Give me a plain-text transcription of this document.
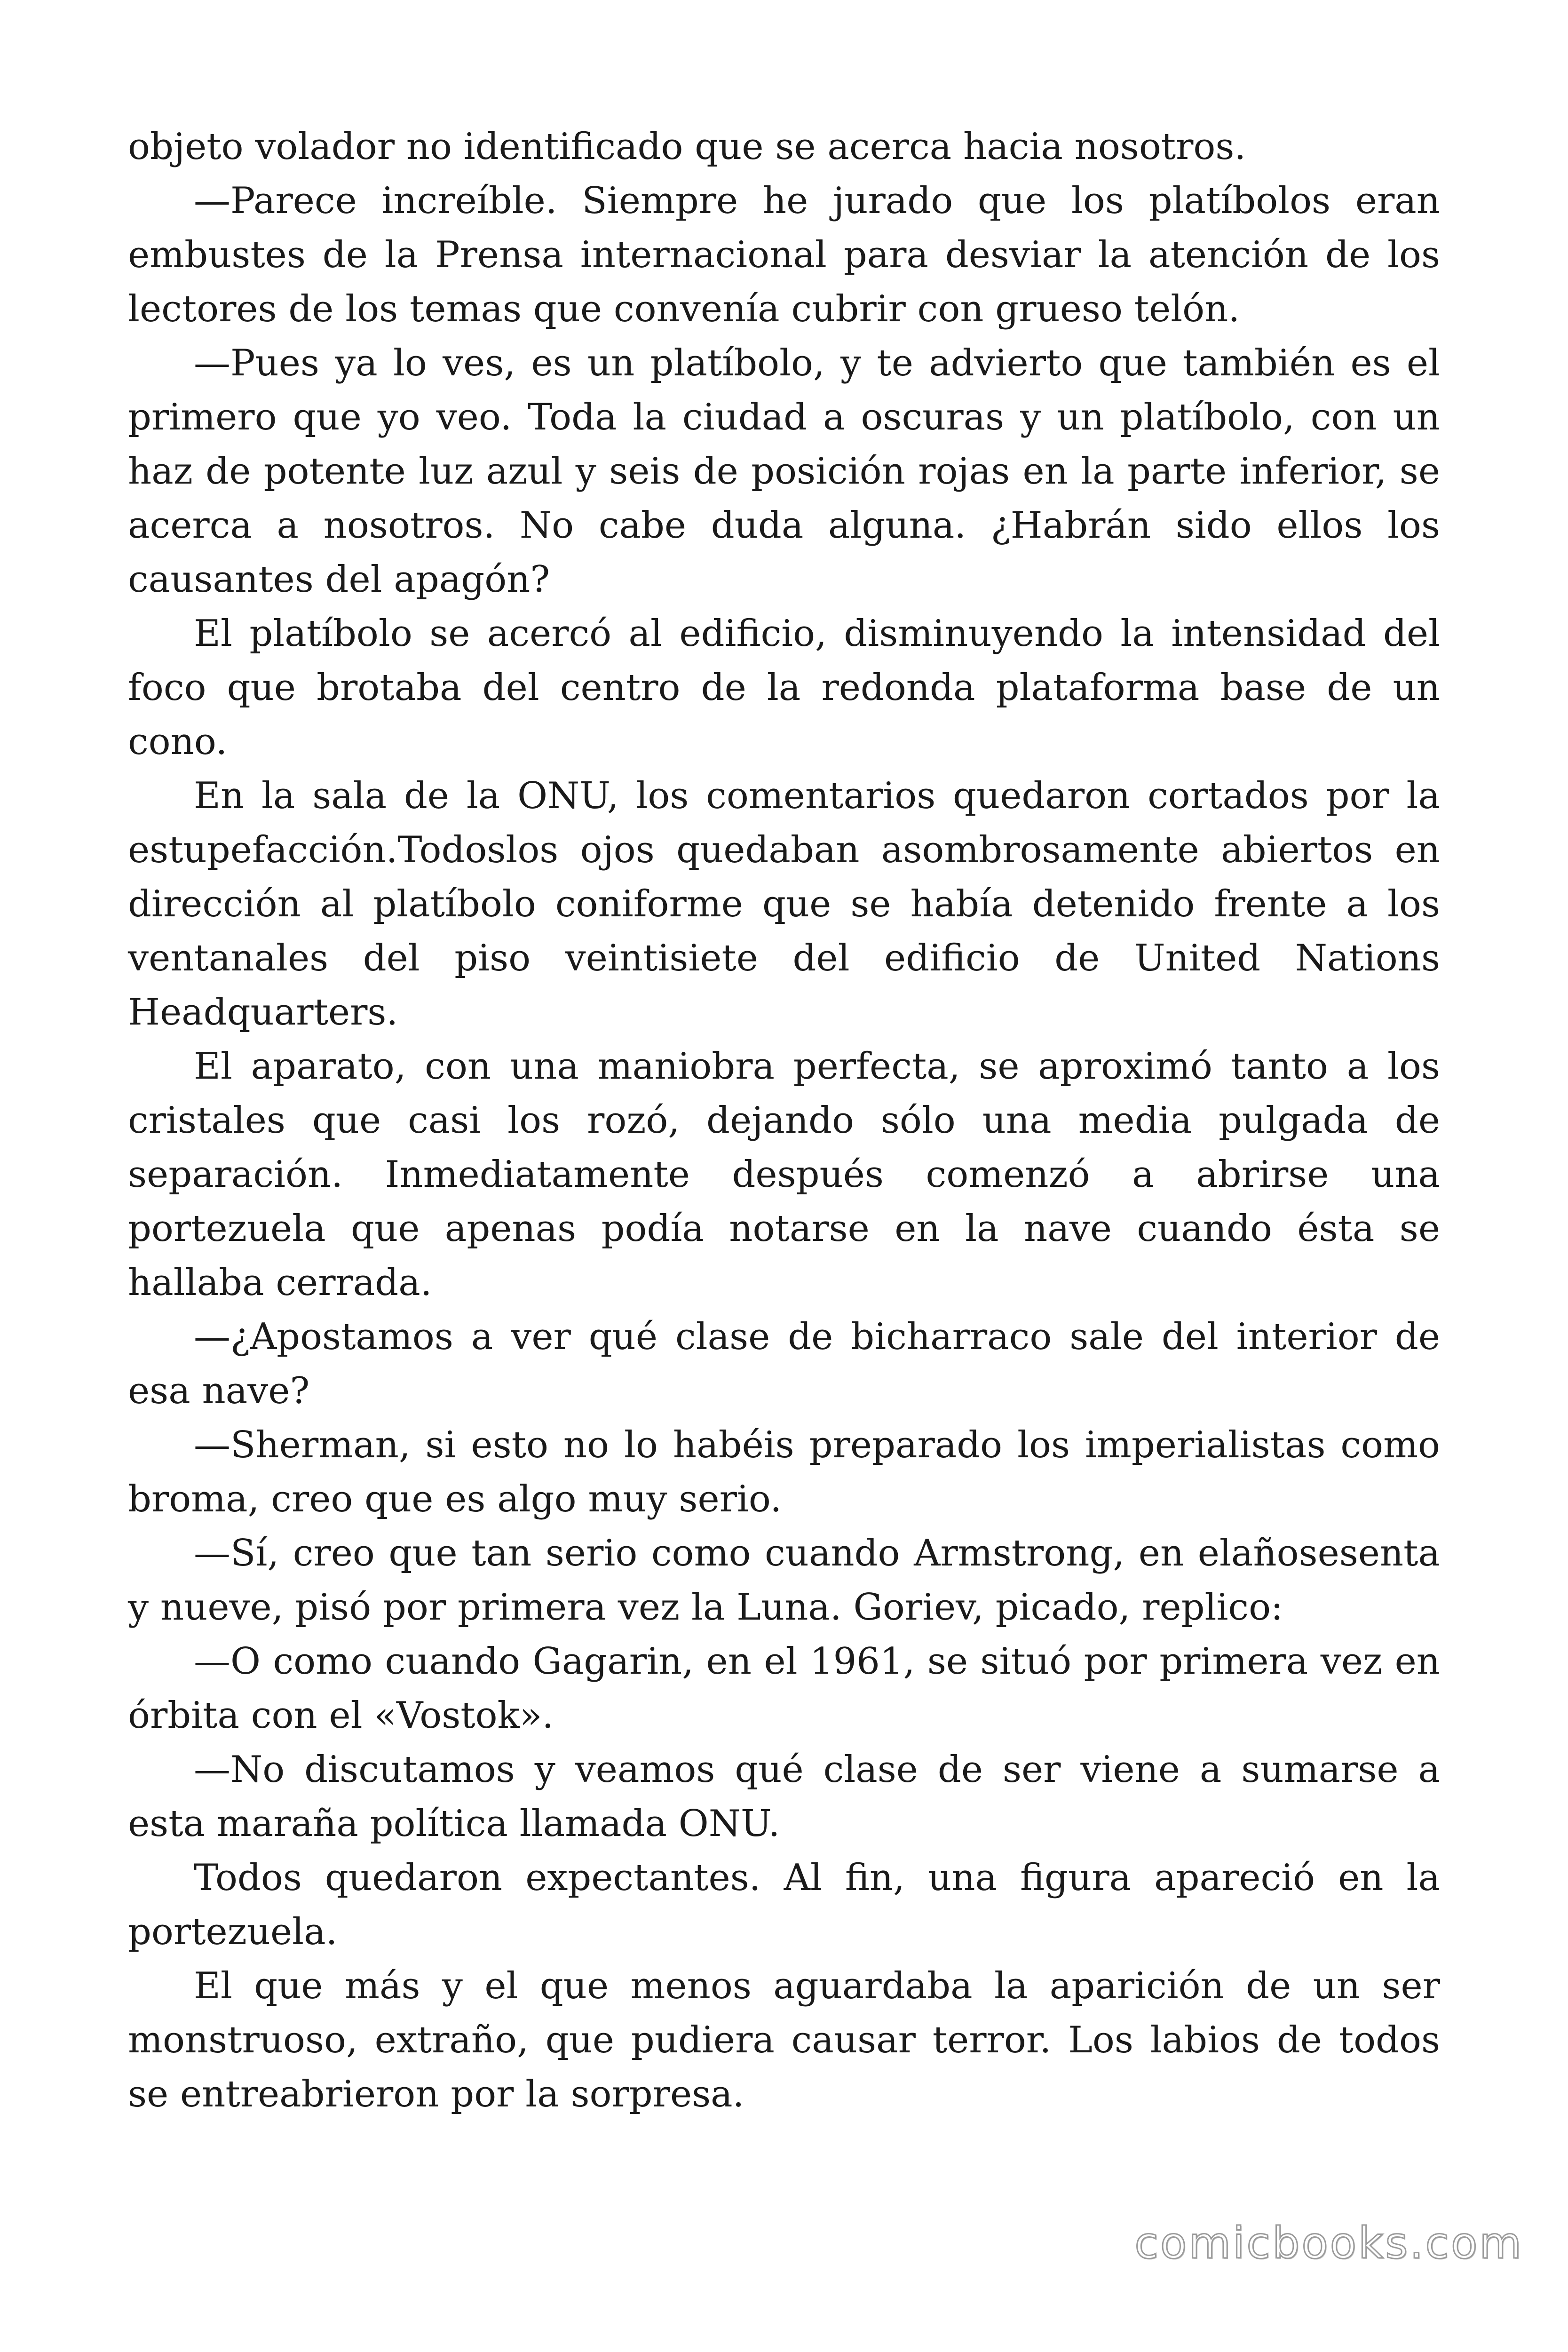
objeto volador no identificado que se acerca hacia nosotros.

—Parece increíble. Siempre he jurado que los platíbolos eran embustes de la Prensa internacional para desviar la atención de los lectores de los temas que convenía cubrir con grueso telón.

—Pues ya lo ves, es un platíbolo, y te advierto que también es el primero que yo veo. Toda la ciudad a oscuras y un platíbolo, con un haz de potente luz azul y seis de posición rojas en la parte inferior, se acerca a nosotros. No cabe duda alguna. ¿Habrán sido ellos los causantes del apagón?

El platíbolo se acercó al edificio, disminuyendo la intensidad del foco que brotaba del centro de la redonda plataforma base de un cono.

En la sala de la ONU, los comentarios quedaron cortados por la estupefacción.Todoslos ojos quedaban asombrosamente abiertos en dirección al platíbolo coniforme que se había detenido frente a los ventanales del piso veintisiete del edificio de United Nations Headquarters.

El aparato, con una maniobra perfecta, se aproximó tanto a los cristales que casi los rozó, dejando sólo una media pulgada de separación. Inmediatamente después comenzó a abrirse una portezuela que apenas podía notarse en la nave cuando ésta se hallaba cerrada.

—¿Apostamos a ver qué clase de bicharraco sale del interior de esa nave?

—Sherman, si esto no lo habéis preparado los imperialistas como broma, creo que es algo muy serio.

—Sí, creo que tan serio como cuando Armstrong, en elañosesenta y nueve, pisó por primera vez la Luna. Goriev, picado, replico:

—O como cuando Gagarin, en el 1961, se situó por primera vez en órbita con el «Vostok».

—No discutamos y veamos qué clase de ser viene a sumarse a esta maraña política llamada ONU.

Todos quedaron expectantes. Al fin, una figura apareció en la portezuela.

El que más y el que menos aguardaba la aparición de un ser monstruoso, extraño, que pudiera causar terror. Los labios de todos se entreabrieron por la sorpresa.

comicbooks.com
